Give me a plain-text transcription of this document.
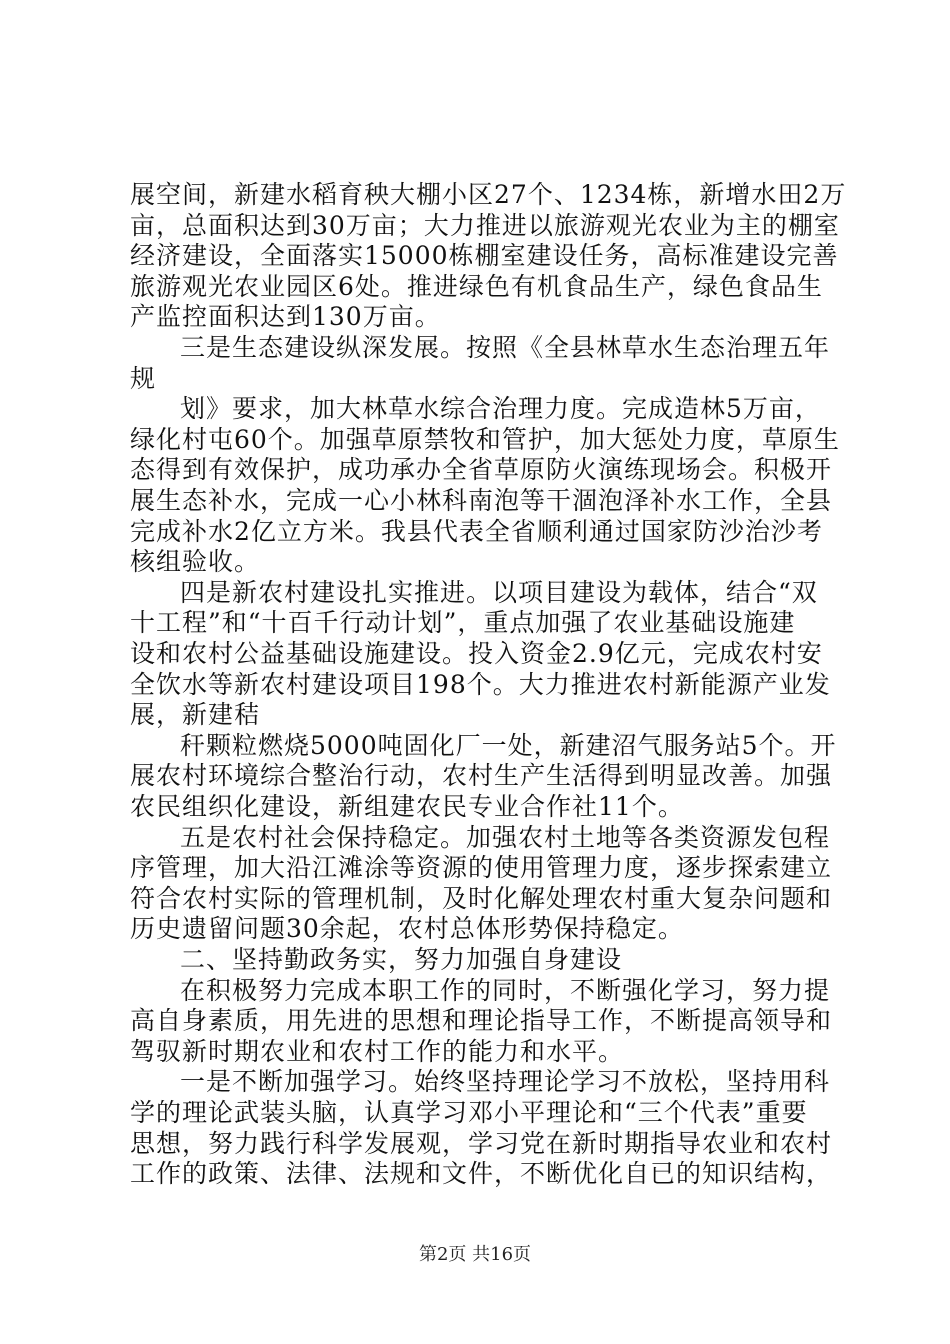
展空间，新建水稻育秧大棚小区27个、1234栋，新增水田2万
亩，总面积达到30万亩；大力推进以旅游观光农业为主的棚室
经济建设，全面落实15000栋棚室建设任务，高标准建设完善
旅游观光农业园区6处。推进绿色有机食品生产，绿色食品生
产监控面积达到130万亩。
三是生态建设纵深发展。按照《全县林草水生态治理五年
规
划》要求，加大林草水综合治理力度。完成造林5万亩，
绿化村屯60个。加强草原禁牧和管护，加大惩处力度，草原生
态得到有效保护，成功承办全省草原防火演练现场会。积极开
展生态补水，完成一心小林科南泡等干涸泡泽补水工作，全县
完成补水2亿立方米。我县代表全省顺利通过国家防沙治沙考
核组验收。
四是新农村建设扎实推进。以项目建设为载体，结合“双
十工程”和“十百千行动计划”，重点加强了农业基础设施建
设和农村公益基础设施建设。投入资金2.9亿元，完成农村安
全饮水等新农村建设项目198个。大力推进农村新能源产业发
展，新建秸
秆颗粒燃烧5000吨固化厂一处，新建沼气服务站5个。开
展农村环境综合整治行动，农村生产生活得到明显改善。加强
农民组织化建设，新组建农民专业合作社11个。
五是农村社会保持稳定。加强农村土地等各类资源发包程
序管理，加大沿江滩涂等资源的使用管理力度，逐步探索建立
符合农村实际的管理机制，及时化解处理农村重大复杂问题和
历史遗留问题30余起，农村总体形势保持稳定。
二、坚持勤政务实，努力加强自身建设
在积极努力完成本职工作的同时，不断强化学习，努力提
高自身素质，用先进的思想和理论指导工作，不断提高领导和
驾驭新时期农业和农村工作的能力和水平。
一是不断加强学习。始终坚持理论学习不放松，坚持用科
学的理论武装头脑，认真学习邓小平理论和“三个代表”重要
思想，努力践行科学发展观，学习党在新时期指导农业和农村
工作的政策、法律、法规和文件，不断优化自已的知识结构，
第2页 共16页
